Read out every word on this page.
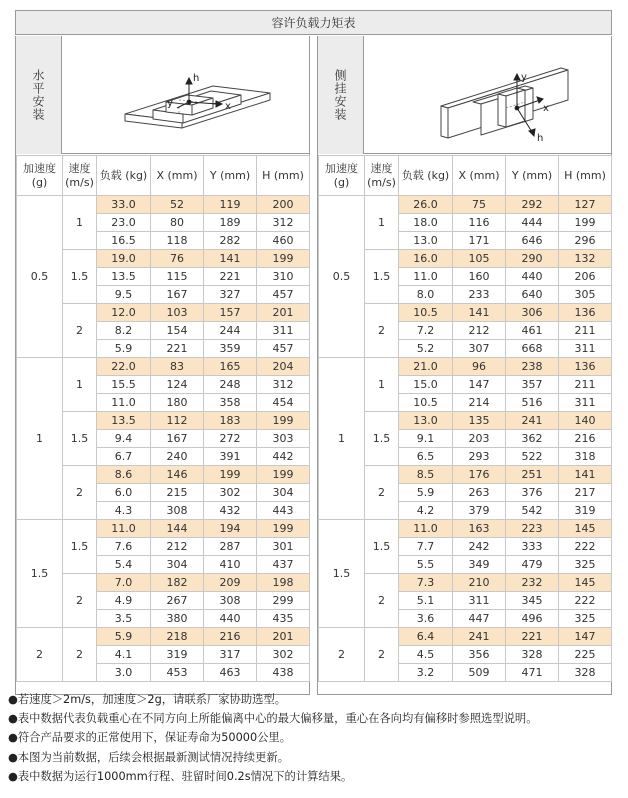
容许负载力矩表
水平安装	h
x
y
加速度(g)	速度(m/s)	负载 (kg)	X (mm)	Y (mm)	H (mm)
0.5	1	33.0	52	119	200
		23.0	80	189	312
		16.5	118	282	460
	1.5	19.0	76	141	199
		13.5	115	221	310
		9.5	167	327	457
	2	12.0	103	157	201
		8.2	154	244	311
		5.9	221	359	457
1	1	22.0	83	165	204
		15.5	124	248	312
		11.0	180	358	454
	1.5	13.5	112	183	199
		9.4	167	272	303
		6.7	240	391	442
	2	8.6	146	199	199
		6.0	215	302	304
		4.3	308	432	443
1.5	1.5	11.0	144	194	199
		7.6	212	287	301
		5.4	304	410	437
	2	7.0	182	209	198
		4.9	267	308	299
		3.5	380	440	435
2	2	5.9	218	216	201
		4.1	319	317	302
		3.0	453	463	438
侧挂安装	y
x
h
加速度(g)	速度(m/s)	负载 (kg)	X (mm)	Y (mm)	H (mm)
0.5	1	26.0	75	292	127
		18.0	116	444	199
		13.0	171	646	296
	1.5	16.0	105	290	132
		11.0	160	440	206
		8.0	233	640	305
	2	10.5	141	306	136
		7.2	212	461	211
		5.2	307	668	311
1	1	21.0	96	238	136
		15.0	147	357	211
		10.5	214	516	311
	1.5	13.0	135	241	140
		9.1	203	362	216
		6.5	293	522	318
	2	8.5	176	251	141
		5.9	263	376	217
		4.2	379	542	319
1.5	1.5	11.0	163	223	145
		7.7	242	333	222
		5.5	349	479	325
	2	7.3	210	232	145
		5.1	311	345	222
		3.6	447	496	325
2	2	6.4	241	221	147
		4.5	356	328	225
		3.2	509	471	328
●若速度＞2m/s，加速度＞2g，请联系厂家协助选型。
●表中数据代表负载重心在不同方向上所能偏离中心的最大偏移量，重心在各向均有偏移时参照选型说明。
●符合产品要求的正常使用下，保证寿命为50000公里。
●本图为当前数据，后续会根据最新测试情况持续更新。
●表中数据为运行1000mm行程、驻留时间0.2s情况下的计算结果。
